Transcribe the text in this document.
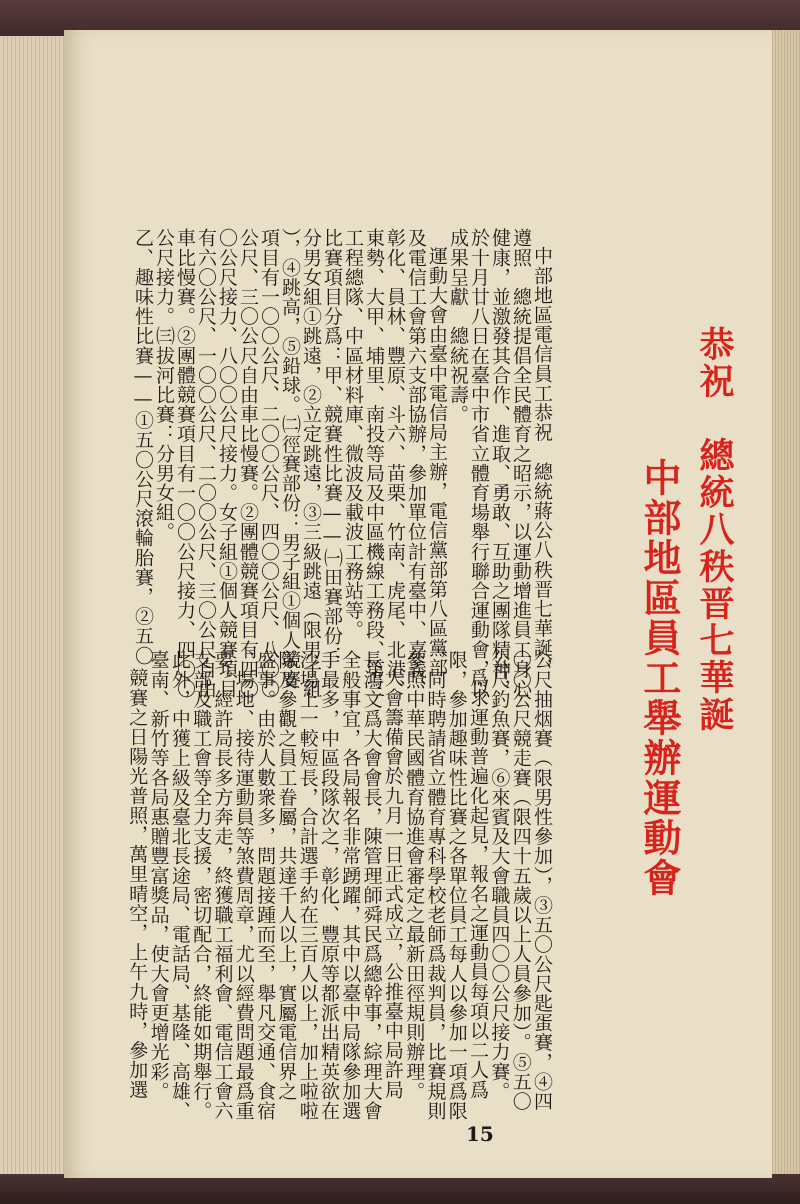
恭祝　總統八秩晋七華誕
中部地區員工舉辦運動會
中部地區電信員工恭祝　總統蔣公八秩晋七華誕，
遵照　總統提倡全民體育之昭示，以運動增進員工身心
健康，並激發其合作、進取、勇敢、互助之團隊精神，
於十月廿八日在臺中市省立體育場舉行聯合運動會，以
成果呈獻　總統祝壽。
運動大會由臺中電信局主辦，電信黨部第八區黨部
及電信工會第六支部協辦，參加單位計有臺中、嘉義、
彰化、員林、豐原、斗六、苗栗、竹南、虎尾、北港、
東勢、大甲、埔里、南投等局及中區機線工務段、第三
工程總隊、中區材料庫、微波及載波工務站等。
比賽項目分爲：甲、競賽性比賽——㈠田賽部份：
分男女組①跳遠，②立定跳遠，③三級跳遠（限男子組
），④跳高，⑤鉛球。㈡徑賽部份：男子組①個人競賽
項目有一〇〇公尺、二〇〇公尺、四〇〇公尺、八〇〇
公尺、三〇公尺自由車比慢賽。②團體競賽項目有四〇
〇公尺接力、八〇〇公尺接力。女子組①個人競賽項目
有六〇公尺、一〇〇公尺、二〇〇公尺、三〇公尺自由
車比慢賽。②團體競賽項目有一〇〇公尺接力、四〇〇
公尺接力。㈢拔河比賽：分男女組。
乙、趣味性比賽——①五〇公尺滾輪胎賽，②五〇
公尺抽烟賽（限男性參加），③五〇公尺匙蛋賽，④四
〇〇公尺競走賽（限四十五歲以上人員參加）。⑤五〇
公尺釣魚賽，⑥來賓及大會職員四〇〇公尺接力賽。
爲求運動普遍化起見，報名之運動員每項以二人爲
限，參加趣味性比賽之各單位員工每人以參加一項爲限
，同時聘請省立體育專科學校老師爲裁判員，比賽規則
參照中華民國體育協進會審定之最新田徑規則辦理。
大會籌備會於九月一日正式成立，公推臺中局許局
長鴻文爲大會會長，陳管理師舜民爲總幹事，綜理大會
全般事宜，各局報名非常踴躍，其中以臺中局隊參加選
手最多，中區段隊次之，彰化、豐原等都派出精英欲在
沙場上一較短長，合計選手約在三百人以上，加上啦啦
隊及參觀之員工眷屬，共達千人以上，實屬電信界之
盛事。由於人數衆多，問題接踵而至，舉凡交通、食宿
、場地、接待運動員等煞費周章，尤以經費問題最爲重
要。經許局長多方奔走，終獲職工福利會、電信工會六
支部及職工會等全力支援，密切配合，終能如期舉行。
此外，中獲上級及臺北長途局、電話局、基隆、高雄、
臺南、新竹等各局惠贈豐富獎品，使大會更增光彩。
競賽之日陽光普照，萬里晴空，上午九時，參加選
15
